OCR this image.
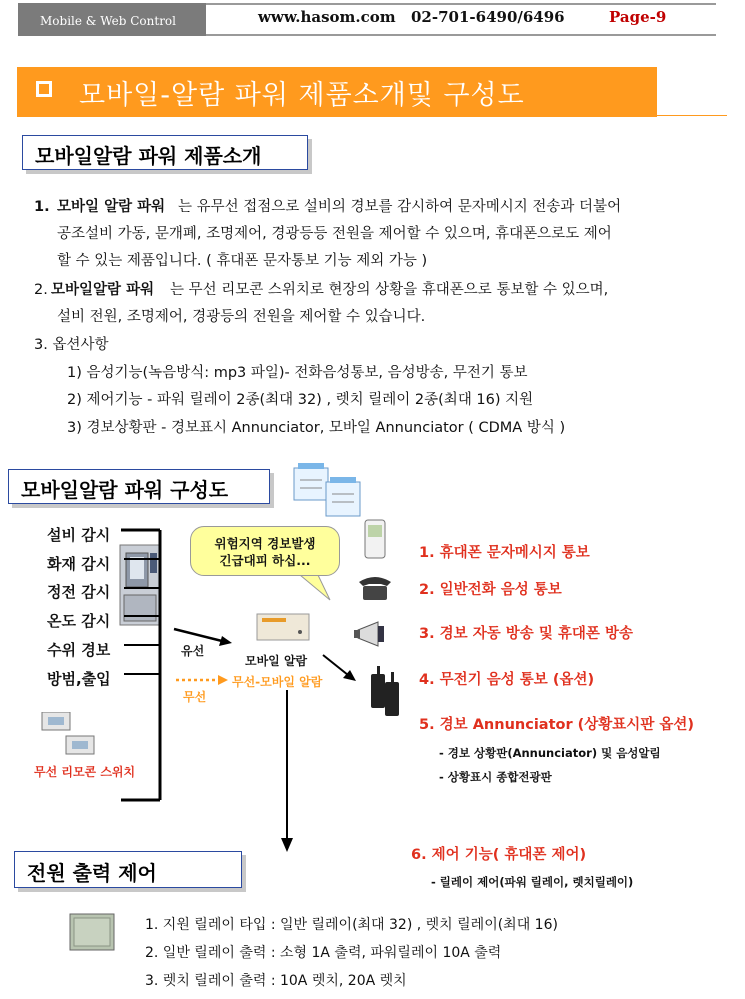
Mobile & Web Control	www.hasom.com 02-701-6490/6496	Page-9
모바일-알람 파워 제품소개및 구성도
모바일알람 파워 제품소개
1. 모바일 알람 파워 는 유무선 접점으로 설비의 경보를 감시하여 문자메시지 전송과 더불어
공조설비 가동, 문개폐, 조명제어, 경광등등 전원을 제어할 수 있으며, 휴대폰으로도 제어
할 수 있는 제품입니다. ( 휴대폰 문자통보 기능 제외 가능 )
2. 모바일알람 파워 는 무선 리모콘 스위치로 현장의 상황을 휴대폰으로 통보할 수 있으며,
설비 전원, 조명제어, 경광등의 전원을 제어할 수 있습니다.
3. 옵션사항
1) 음성기능(녹음방식: mp3 파일)- 전화음성통보, 음성방송, 무전기 통보
2) 제어기능 - 파워 릴레이 2종(최대 32) , 렛치 릴레이 2종(최대 16) 지원
3) 경보상황판 - 경보표시 Annunciator, 모바일 Annunciator ( CDMA 방식 )
모바일알람 파워 구성도
설비 감시
화재 감시
정전 감시
온도 감시
수위 경보
방범,출입
위험지역 경보발생
긴급대피 하십...
모바일 알람
무선-모바일 알람
유선
무선
무선 리모콘 스위치
1. 휴대폰 문자메시지 통보
2. 일반전화 음성 통보
3. 경보 자동 방송 및 휴대폰 방송
4. 무전기 음성 통보 (옵션)
5. 경보 Annunciator (상황표시판 옵션)
- 경보 상황판(Annunciator) 및 음성알림
- 상황표시 종합전광판
6. 제어 기능( 휴대폰 제어)
- 릴레이 제어(파워 릴레이, 렛치릴레이)
전원 출력 제어
1. 지원 릴레이 타입 : 일반 릴레이(최대 32) , 렛치 릴레이(최대 16)
2. 일반 릴레이 출력 : 소형 1A 출력, 파워릴레이 10A 출력
3. 렛치 릴레이 출력 : 10A 렛치, 20A 렛치
